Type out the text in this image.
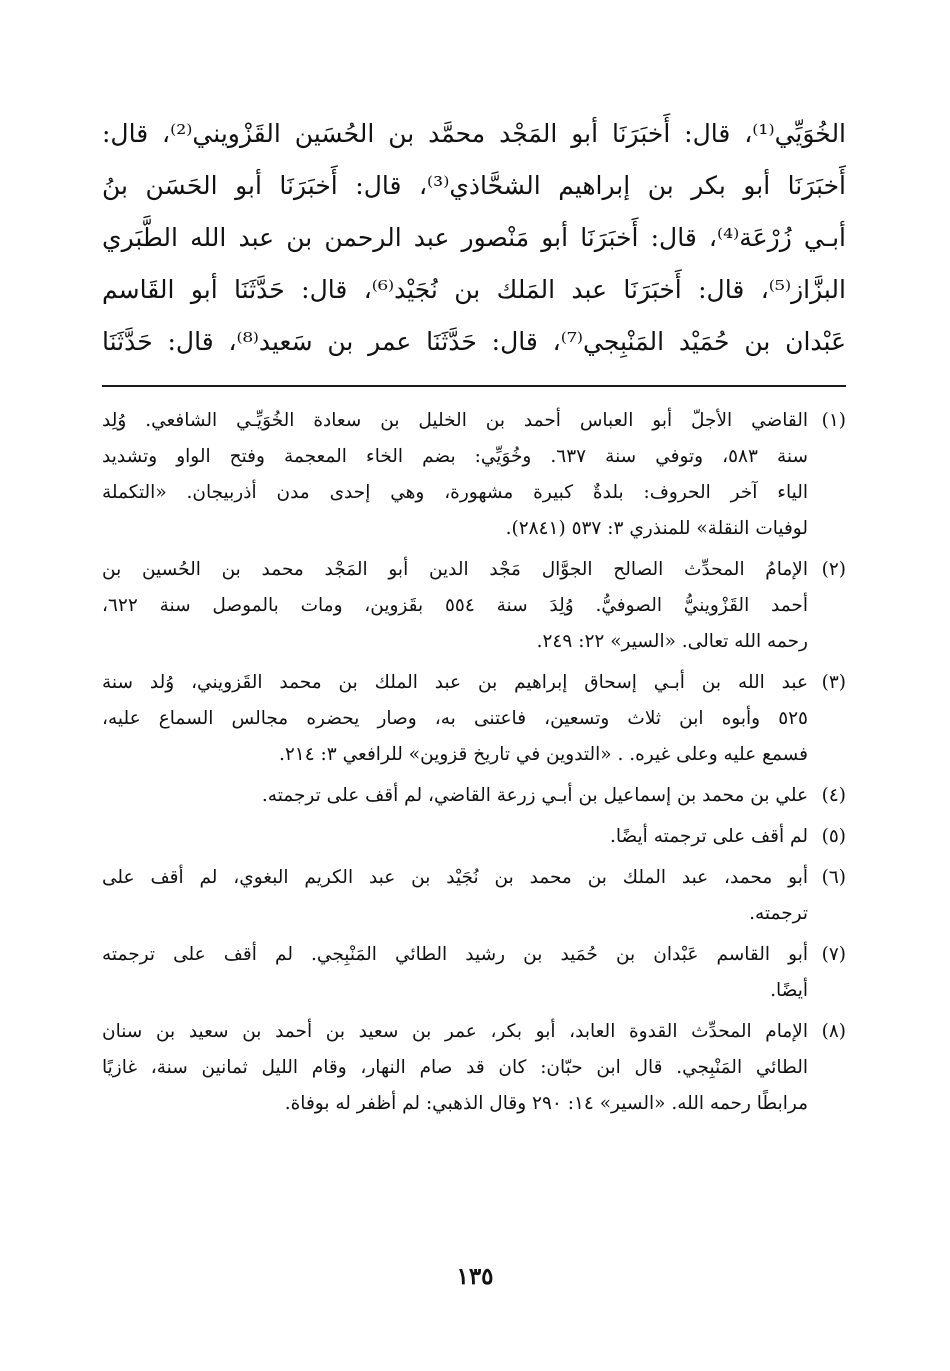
الخُوَيِّي⁽¹⁾، قال: أَخبَرَنَا أبو المَجْد محمَّد بن الحُسَين القَزْويني⁽²⁾، قال:
أَخبَرَنَا أبو بكر بن إبراهيم الشحَّاذي⁽³⁾، قال: أَخبَرَنَا أبو الحَسَن بنُ
أبـي زُرْعَة⁽⁴⁾، قال: أَخبَرَنَا أبو مَنْصور عبد الرحمن بن عبد الله الطَّبَري
البزَّاز⁽⁵⁾، قال: أَخبَرَنَا عبد المَلك بن نُجَيْد⁽⁶⁾، قال: حَدَّثَنَا أبو القَاسم
عَبْدان بن حُمَيْد المَنْبِجي⁽⁷⁾، قال: حَدَّثَنَا عمر بن سَعيد⁽⁸⁾، قال: حَدَّثَنَا
(١)
القاضي الأجلّ أبو العباس أحمد بن الخليل بن سعادة الخُوَيِّـي الشافعي. وُلِد
سنة ٥٨٣، وتوفي سنة ٦٣٧. وخُوَيِّي: بضم الخاء المعجمة وفتح الواو وتشديد
الياء آخر الحروف: بلدةٌ كبيرة مشهورة، وهي إحدى مدن أذربيجان. «التكملة
لوفيات النقلة» للمنذري ٣: ٥٣٧ (٢٨٤١).
(٢)
الإمامُ المحدِّث الصالح الجوَّال مَجْد الدين أبو المَجْد محمد بن الحُسين بن
أحمد القَزْوينيُّ الصوفيُّ. وُلِدَ سنة ٥٥٤ بقَزوين، ومات بالموصل سنة ٦٢٢،
رحمه الله تعالى. «السير» ٢٢: ٢٤٩.
(٣)
عبد الله بن أبـي إسحاق إبراهيم بن عبد الملك بن محمد القَزويني، وُلد سنة
٥٢٥ وأبوه ابن ثلاث وتسعين، فاعتنى به، وصار يحضره مجالس السماع عليه،
فسمع عليه وعلى غيره. . «التدوين في تاريخ قزوين» للرافعي ٣: ٢١٤.
(٤)
علي بن محمد بن إسماعيل بن أبـي زرعة القاضي، لم أقف على ترجمته.
(٥)
لم أقف على ترجمته أيضًا.
(٦)
أبو محمد، عبد الملك بن محمد بن نُجَيْد بن عبد الكريم البغوي، لم أقف على
ترجمته.
(٧)
أبو القاسم عَبْدان بن حُمَيد بن رشيد الطائي المَنْبِجي. لم أقف على ترجمته
أيضًا.
(٨)
الإمام المحدِّث القدوة العابد، أبو بكر، عمر بن سعيد بن أحمد بن سعيد بن سنان
الطائي المَنْبِجي. قال ابن حبّان: كان قد صام النهار، وقام الليل ثمانين سنة، غازيًا
مرابطًا رحمه الله. «السير» ١٤: ٢٩٠ وقال الذهبي: لم أظفر له بوفاة.
١٣٥
